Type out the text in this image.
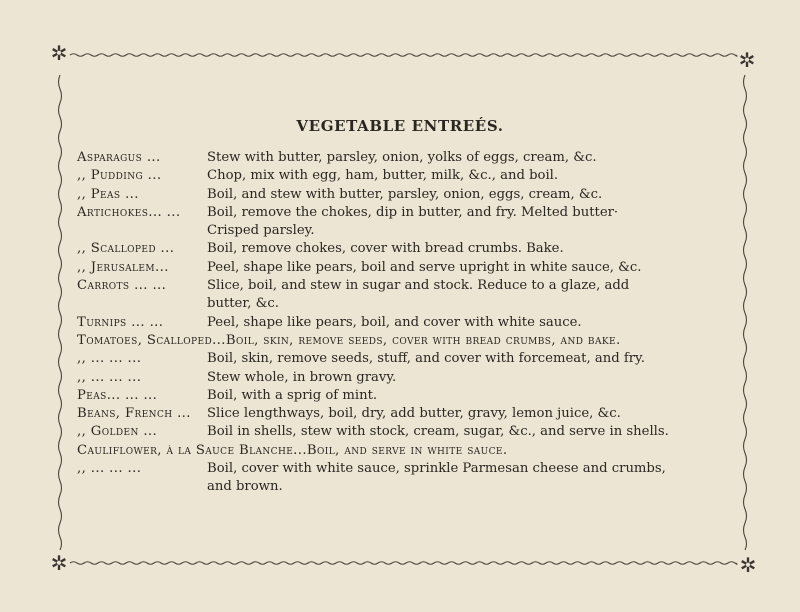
✲	✲
✲	✲
VEGETABLE ENTREÉS.
Asparagus ...	Stew with butter, parsley, onion, yolks of eggs, cream, &c.
,, Pudding ...	Chop, mix with egg, ham, butter, milk, &c., and boil.
,, Peas ...	Boil, and stew with butter, parsley, onion, eggs, cream, &c.
Artichokes... ...	Boil, remove the chokes, dip in butter, and fry. Melted butter·
Crisped parsley.
,, Scalloped ...	Boil, remove chokes, cover with bread crumbs. Bake.
,, Jerusalem...	Peel, shape like pears, boil and serve upright in white sauce, &c.
Carrots ... ...	Slice, boil, and stew in sugar and stock. Reduce to a glaze, add
butter, &c.
Turnips ... ...	Peel, shape like pears, boil, and cover with white sauce.
Tomatoes, Scalloped...Boil, skin, remove seeds, cover with bread crumbs, and bake.
,, ... ... ...	Boil, skin, remove seeds, stuff, and cover with forcemeat, and fry.
,, ... ... ...	Stew whole, in brown gravy.
Peas... ... ...	Boil, with a sprig of mint.
Beans, French ...	Slice lengthways, boil, dry, add butter, gravy, lemon juice, &c.
,, Golden ...	Boil in shells, stew with stock, cream, sugar, &c., and serve in shells.
Cauliflower, à la Sauce Blanche...Boil, and serve in white sauce.
,, ... ... ...	Boil, cover with white sauce, sprinkle Parmesan cheese and crumbs,
and brown.
